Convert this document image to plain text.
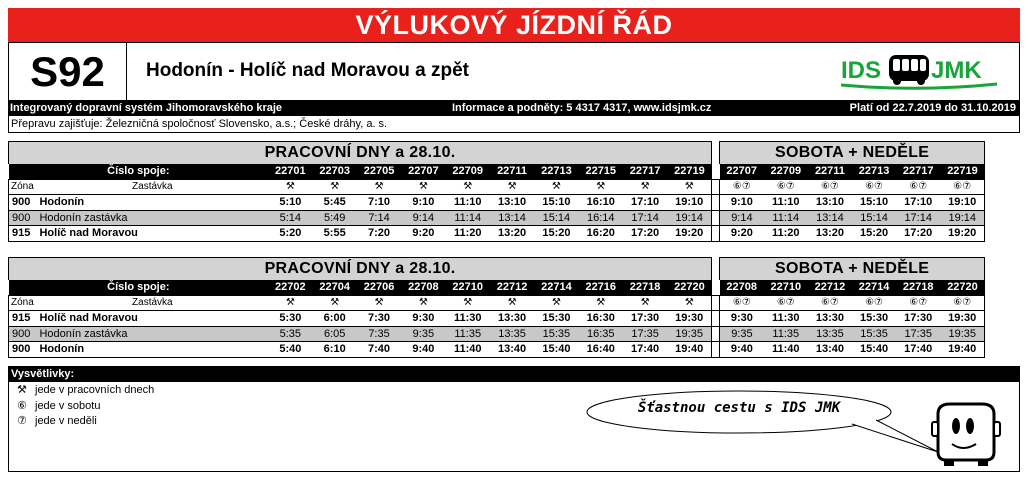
VÝLUKOVÝ JÍZDNÍ ŘÁD
S92	Hodonín - Holíč nad Moravou a zpět	IDS JMK
Integrovaný dopravní systém Jihomoravského kraje	Informace a podněty: 5 4317 4317, www.idsjmk.cz	Platí od 22.7.2019 do 31.10.2019
Přepravu zajišťuje: Železničná spoločnosť Slovensko, a.s.; České dráhy, a. s.
PRACOVNÍ DNY a 28.10.													SOBOTA + NEDĚLE					
Číslo spoje:		22701	22703	22705	22707	22709	22711	22713	22715	22717	22719		22707	22709	22711	22713	22717	22719
Zóna	Zastávka	⚒	⚒	⚒	⚒	⚒	⚒	⚒	⚒	⚒	⚒		⑥⑦	⑥⑦	⑥⑦	⑥⑦	⑥⑦	⑥⑦
900	Hodonín	5:10	5:45	7:10	9:10	11:10	13:10	15:10	16:10	17:10	19:10		9:10	11:10	13:10	15:10	17:10	19:10
900	Hodonín zastávka	5:14	5:49	7:14	9:14	11:14	13:14	15:14	16:14	17:14	19:14		9:14	11:14	13:14	15:14	17:14	19:14
915	Holíč nad Moravou	5:20	5:55	7:20	9:20	11:20	13:20	15:20	16:20	17:20	19:20		9:20	11:20	13:20	15:20	17:20	19:20
PRACOVNÍ DNY a 28.10.													SOBOTA + NEDĚLE					
Číslo spoje:		22702	22704	22706	22708	22710	22712	22714	22716	22718	22720		22708	22710	22712	22714	22718	22720
Zóna	Zastávka	⚒	⚒	⚒	⚒	⚒	⚒	⚒	⚒	⚒	⚒		⑥⑦	⑥⑦	⑥⑦	⑥⑦	⑥⑦	⑥⑦
915	Holíč nad Moravou	5:30	6:00	7:30	9:30	11:30	13:30	15:30	16:30	17:30	19:30		9:30	11:30	13:30	15:30	17:30	19:30
900	Hodonín zastávka	5:35	6:05	7:35	9:35	11:35	13:35	15:35	16:35	17:35	19:35		9:35	11:35	13:35	15:35	17:35	19:35
900	Hodonín	5:40	6:10	7:40	9:40	11:40	13:40	15:40	16:40	17:40	19:40		9:40	11:40	13:40	15:40	17:40	19:40
Vysvětlivky:
⚒ jede v pracovních dnech
⑥ jede v sobotu
⑦ jede v neděli
Šťastnou cestu s IDS JMK
